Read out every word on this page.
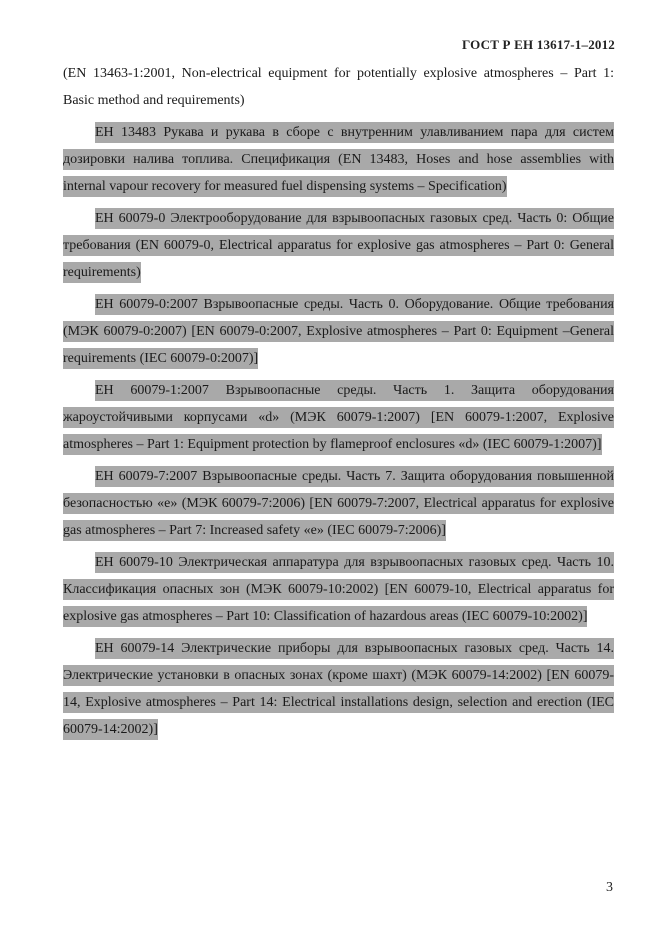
ГОСТ Р ЕН 13617-1–2012

(EN 13463-1:2001, Non-electrical equipment for potentially explosive atmospheres – Part 1: Basic method and requirements)

ЕН 13483 Рукава и рукава в сборе с внутренним улавливанием пара для систем дозировки налива топлива. Спецификация (EN 13483, Hoses and hose assemblies with internal vapour recovery for measured fuel dispensing systems – Specification)

ЕН 60079-0 Электрооборудование для взрывоопасных газовых сред. Часть 0: Общие требования (EN 60079-0, Electrical apparatus for explosive gas atmospheres – Part 0: General requirements)

ЕН 60079-0:2007 Взрывоопасные среды. Часть 0. Оборудование. Общие требования (МЭК 60079-0:2007) [EN 60079-0:2007, Explosive atmospheres – Part 0: Equipment –General requirements (IEC 60079-0:2007)]

ЕН 60079-1:2007 Взрывоопасные среды. Часть 1. Защита оборудования жароустойчивыми корпусами «d» (МЭК 60079-1:2007) [EN 60079-1:2007, Explosive atmospheres – Part 1: Equipment protection by flameproof enclosures «d» (IEC 60079-1:2007)]

ЕН 60079-7:2007 Взрывоопасные среды. Часть 7. Защита оборудования повышенной безопасностью «e» (МЭК 60079-7:2006) [EN 60079-7:2007, Electrical apparatus for explosive gas atmospheres – Part 7: Increased safety «e» (IEC 60079-7:2006)]

ЕН 60079-10 Электрическая аппаратура для взрывоопасных газовых сред. Часть 10. Классификация опасных зон (МЭК 60079-10:2002) [EN 60079-10, Electrical apparatus for explosive gas atmospheres – Part 10: Classification of hazardous areas (IEC 60079-10:2002)]

ЕН 60079-14 Электрические приборы для взрывоопасных газовых сред. Часть 14. Электрические установки в опасных зонах (кроме шахт) (МЭК 60079-14:2002) [EN 60079-14, Explosive atmospheres – Part 14: Electrical installations design, selection and erection (IEC 60079-14:2002)]

3
